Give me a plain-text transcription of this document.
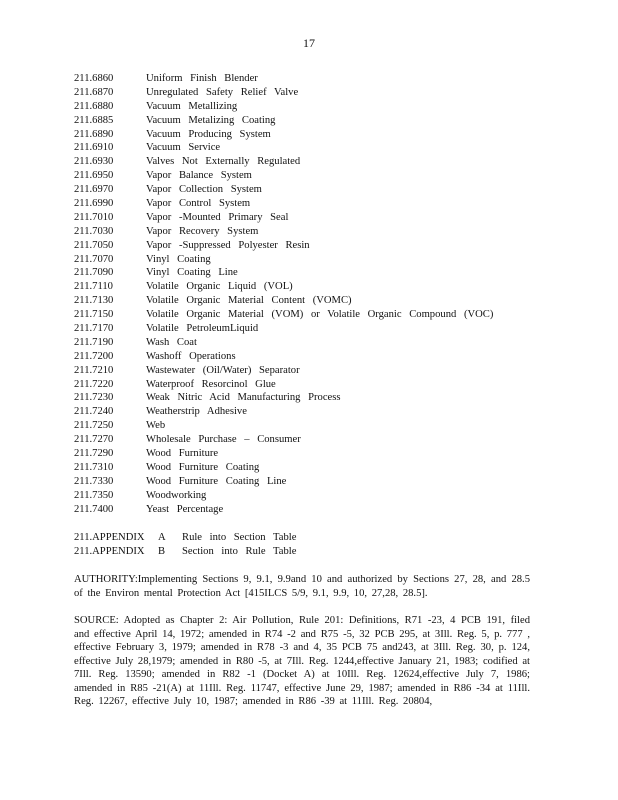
17
211.6860	Uniform Finish Blender
211.6870	Unregulated Safety Relief Valve
211.6880	Vacuum Metallizing
211.6885	Vacuum Metalizing Coating
211.6890	Vacuum Producing System
211.6910	Vacuum Service
211.6930	Valves Not Externally Regulated
211.6950	Vapor Balance System
211.6970	Vapor Collection System
211.6990	Vapor Control System
211.7010	Vapor -Mounted Primary Seal
211.7030	Vapor Recovery System
211.7050	Vapor -Suppressed Polyester Resin
211.7070	Vinyl Coating
211.7090	Vinyl Coating Line
211.7110	Volatile Organic Liquid (VOL)
211.7130	Volatile Organic Material Content (VOMC)
211.7150	Volatile Organic Material (VOM) or Volatile Organic Compound (VOC)
211.7170	Volatile PetroleumLiquid
211.7190	Wash Coat
211.7200	Washoff Operations
211.7210	Wastewater (Oil/Water) Separator
211.7220	Waterproof Resorcinol Glue
211.7230	Weak Nitric Acid Manufacturing Process
211.7240	Weatherstrip Adhesive
211.7250	Web
211.7270	Wholesale Purchase – Consumer
211.7290	Wood Furniture
211.7310	Wood Furniture Coating
211.7330	Wood Furniture Coating Line
211.7350	Woodworking
211.7400	Yeast Percentage
211.APPENDIX	A	Rule into Section Table
211.APPENDIX	B	Section into Rule Table
AUTHORITY:Implementing Sections 9, 9.1, 9.9and 10 and authorized by Sections 27, 28, and 28.5 of the Environ mental Protection Act [415ILCS 5/9, 9.1, 9.9, 10, 27,28, 28.5].
SOURCE: Adopted as Chapter 2: Air Pollution, Rule 201: Definitions, R71 -23, 4 PCB 191, filed and effective April 14, 1972; amended in R74 -2 and R75 -5, 32 PCB 295, at 3Ill. Reg. 5, p. 777 , effective February 3, 1979; amended in R78 -3 and 4, 35 PCB 75 and243, at 3Ill. Reg. 30, p. 124, effective July 28,1979; amended in R80 -5, at 7Ill. Reg. 1244,effective January 21, 1983; codified at 7Ill. Reg. 13590; amended in R82 -1 (Docket A) at 10Ill. Reg. 12624,effective July 7, 1986; amended in R85 -21(A) at 11Ill. Reg. 11747, effective June 29, 1987; amended in R86 -34 at 11Ill. Reg. 12267, effective July 10, 1987; amended in R86 -39 at 11Ill. Reg. 20804,
